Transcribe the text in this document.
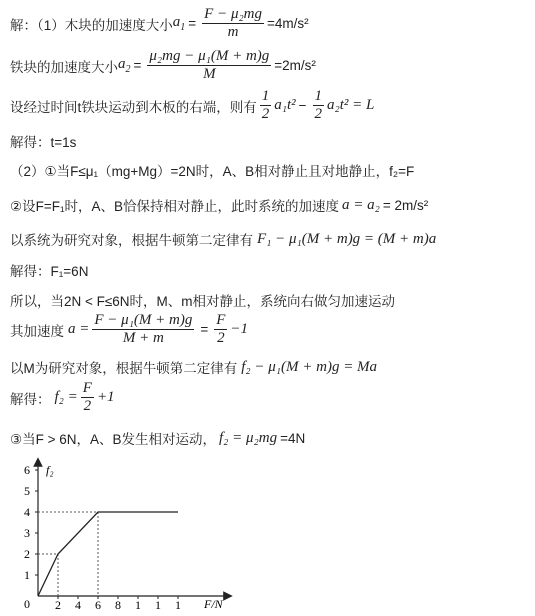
解：（1）木块的加速度大小 $a_1 = \frac{\text{F − μ₂mg}}{m} =4m/s^2$
铁块的加速度大小 $a_2 = \frac{\text{μ₂mg − μ₁(M + m)g}}{M} =2m/s^2$
设经过时间t铁块运动到木板的右端，则有 $\frac{1}{2} a_1t^2 - \frac{1}{2} a_2t^2 = L$
解得：t=1s
（2）①当F≤μ₁（mg+Mg）=2N时，A、B相对静止且对地静止，f₂=F
②设F=F₁时，A、B恰保持相对静止，此时系统的加速度 a = a₂ = 2m/s²
以系统为研究对象，根据牛顿第二定律有 F₁ − μ₁(M + m)g = (M + m)a
解得：F₁=6N
所以，当2N < F≤6N时，M、m相对静止，系统向右做匀加速运动
其加速度 $a = \frac{\text{F − μ₁(M + m)g}}{M + m} = \frac{F}{2} -1$
以M为研究对象，根据牛顿第二定律有 f₂ − μ₁(M + m)g = Ma
解得： $f_2 = \frac{F}{2} +1$
③当F > 6N，A、B发生相对运动， f₂ = μ₂mg =4N
f₂
F/N
0
1
2
3
4
5
6
2 4 6 8 1 1 1
